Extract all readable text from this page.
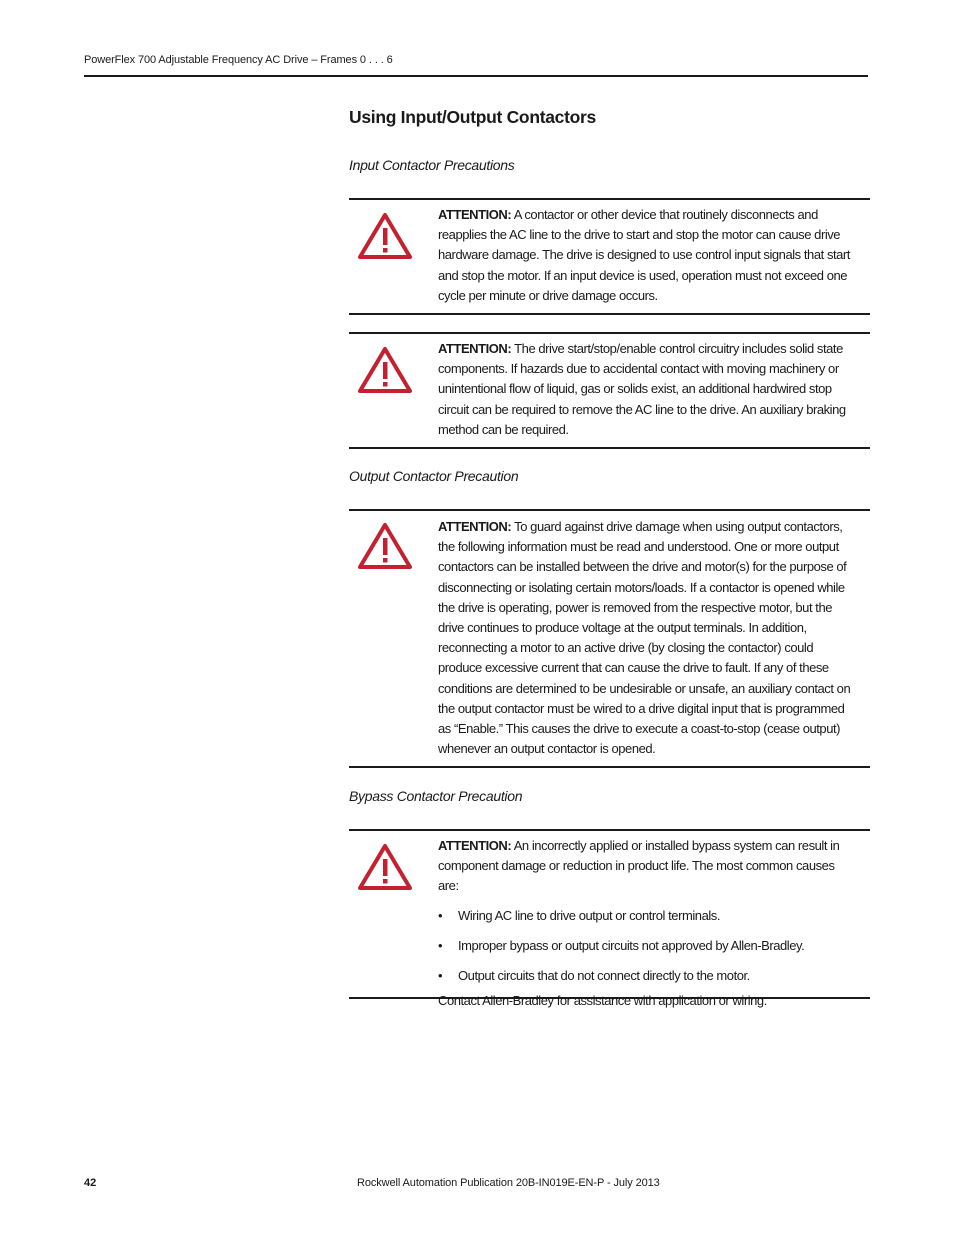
PowerFlex 700 Adjustable Frequency AC Drive – Frames 0 . . . 6
Using Input/Output Contactors
Input Contactor Precautions
ATTENTION: A contactor or other device that routinely disconnects and reapplies the AC line to the drive to start and stop the motor can cause drive hardware damage. The drive is designed to use control input signals that start and stop the motor. If an input device is used, operation must not exceed one cycle per minute or drive damage occurs.
ATTENTION: The drive start/stop/enable control circuitry includes solid state components. If hazards due to accidental contact with moving machinery or unintentional flow of liquid, gas or solids exist, an additional hardwired stop circuit can be required to remove the AC line to the drive. An auxiliary braking method can be required.
Output Contactor Precaution
ATTENTION: To guard against drive damage when using output contactors, the following information must be read and understood. One or more output contactors can be installed between the drive and motor(s) for the purpose of disconnecting or isolating certain motors/loads. If a contactor is opened while the drive is operating, power is removed from the respective motor, but the drive continues to produce voltage at the output terminals. In addition, reconnecting a motor to an active drive (by closing the contactor) could produce excessive current that can cause the drive to fault. If any of these conditions are determined to be undesirable or unsafe, an auxiliary contact on the output contactor must be wired to a drive digital input that is programmed as “Enable.” This causes the drive to execute a coast-to-stop (cease output) whenever an output contactor is opened.
Bypass Contactor Precaution
ATTENTION: An incorrectly applied or installed bypass system can result in component damage or reduction in product life. The most common causes are:
• Wiring AC line to drive output or control terminals.
• Improper bypass or output circuits not approved by Allen-Bradley.
• Output circuits that do not connect directly to the motor.
Contact Allen-Bradley for assistance with application or wiring.
42	Rockwell Automation Publication 20B-IN019E-EN-P - July 2013
